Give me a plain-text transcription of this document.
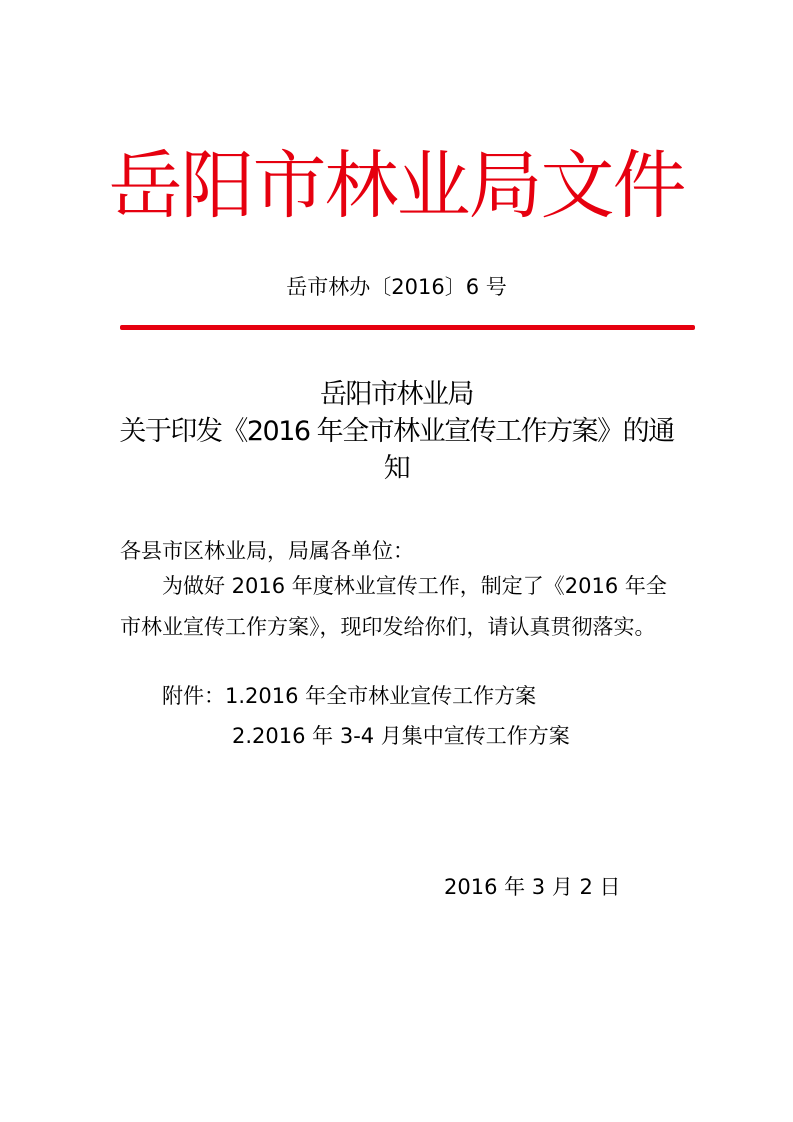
岳阳市林业局文件
岳市林办〔2016〕6 号
岳阳市林业局
关于印发《2016 年全市林业宣传工作方案》的通
知
各县市区林业局，局属各单位：
为做好 2016 年度林业宣传工作，制定了《2016 年全
市林业宣传工作方案》，现印发给你们，请认真贯彻落实。
附件：1.2016 年全市林业宣传工作方案
2.2016 年 3-4 月集中宣传工作方案
2016 年 3 月 2 日
